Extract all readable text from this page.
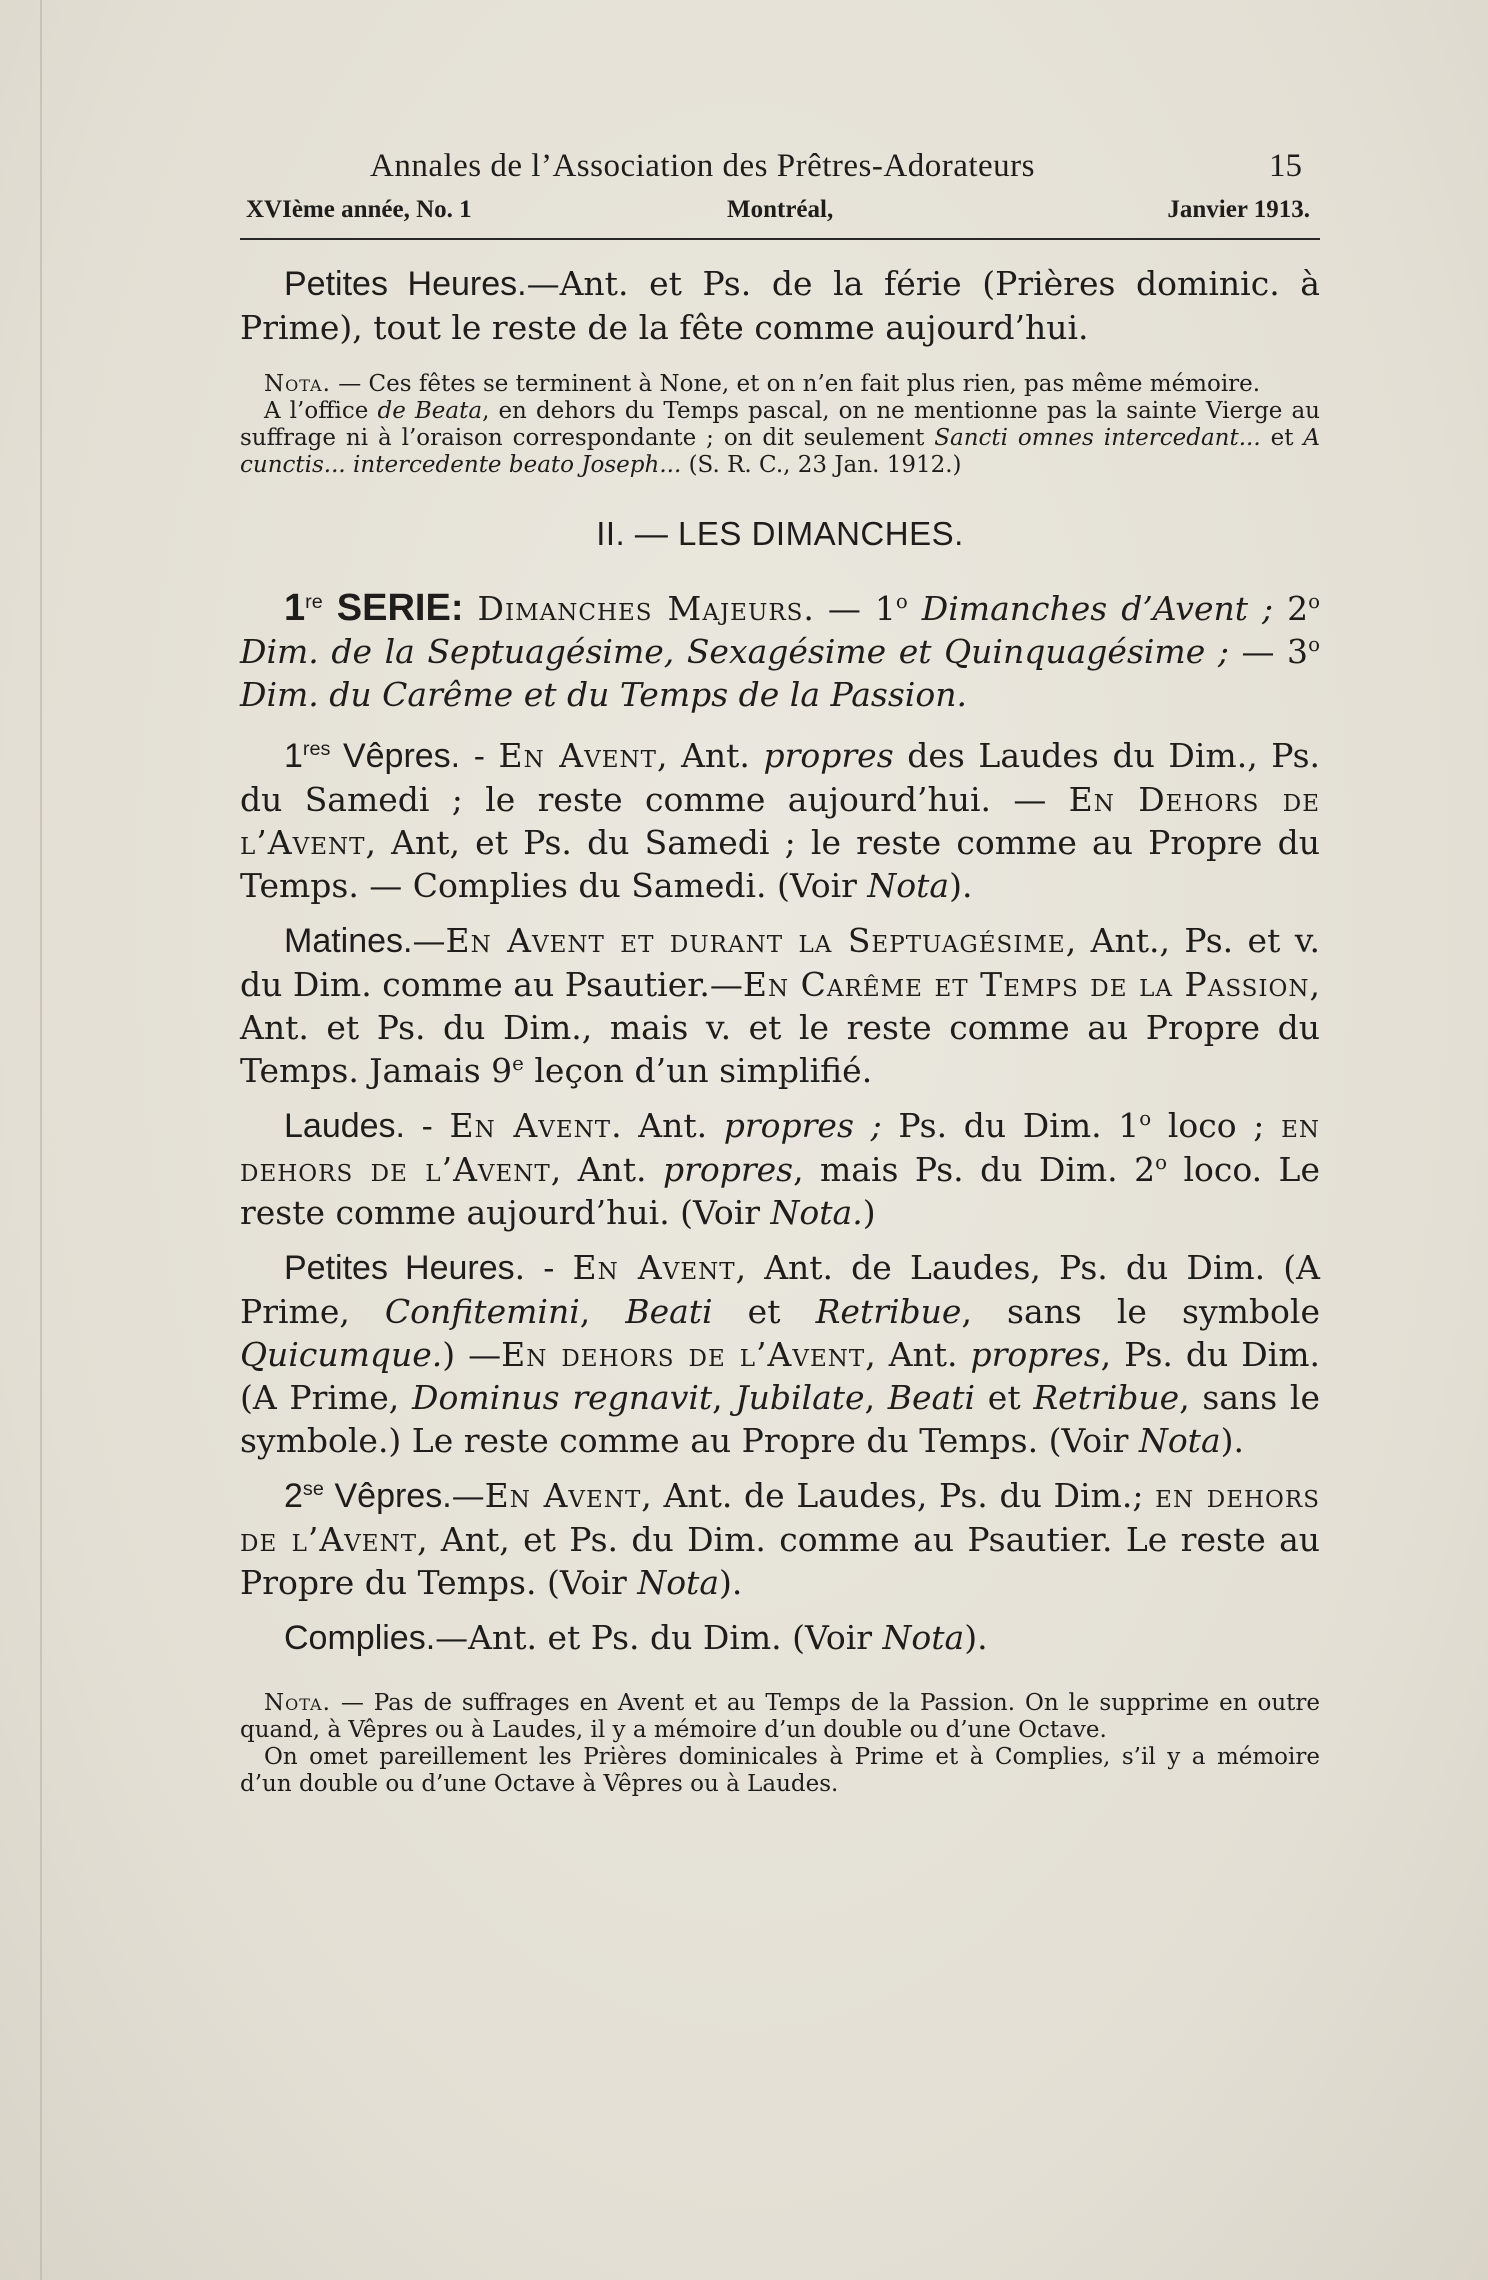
Annales de l’Association des Prêtres-Adorateurs	15
XVIème année, No. 1	Montréal,	Janvier 1913.

Petites Heures.—Ant. et Ps. de la férie (Prières dominic. à Prime), tout le reste de la fête comme aujourd’hui.

Nota. — Ces fêtes se terminent à None, et on n’en fait plus rien, pas même mémoire.

A l’office de Beata, en dehors du Temps pascal, on ne mentionne pas la sainte Vierge au suffrage ni à l’oraison correspondante ; on dit seulement Sancti omnes intercedant... et A cunctis... intercedente beato Joseph... (S. R. C., 23 Jan. 1912.)

II. — LES DIMANCHES.

1re SERIE: Dimanches Majeurs. — 1$^o$ Dimanches d’Avent ; 2$^o$ Dim. de la Septuagésime, Sexagésime et Quinquagésime ; — 3$^o$ Dim. du Carême et du Temps de la Passion.

1res Vêpres. - En Avent, Ant. propres des Laudes du Dim., Ps. du Samedi ; le reste comme aujourd’hui. — En Dehors de l’Avent, Ant, et Ps. du Samedi ; le reste comme au Propre du Temps. — Complies du Samedi. (Voir Nota).

Matines.—En Avent et durant la Septuagésime, Ant., Ps. et v. du Dim. comme au Psautier.—En Carême et Temps de la Passion, Ant. et Ps. du Dim., mais v. et le reste comme au Propre du Temps. Jamais 9e leçon d’un simplifié.

Laudes. - En Avent. Ant. propres ; Ps. du Dim. 1$^o$ loco ; en dehors de l’Avent, Ant. propres, mais Ps. du Dim. 2$^o$ loco. Le reste comme aujourd’hui. (Voir Nota.)

Petites Heures. - En Avent, Ant. de Laudes, Ps. du Dim. (A Prime, Confitemini, Beati et Retribue, sans le symbole Quicumque.) —En dehors de l’Avent, Ant. propres, Ps. du Dim. (A Prime, Dominus regnavit, Jubilate, Beati et Retribue, sans le symbole.) Le reste comme au Propre du Temps. (Voir Nota).

$2^{se}$ Vêpres.—En Avent, Ant. de Laudes, Ps. du Dim.; en dehors de l’Avent, Ant, et Ps. du Dim. comme au Psautier. Le reste au Propre du Temps. (Voir Nota).

Complies.—Ant. et Ps. du Dim. (Voir Nota).

Nota. — Pas de suffrages en Avent et au Temps de la Passion. On le supprime en outre quand, à Vêpres ou à Laudes, il y a mémoire d’un double ou d’une Octave.

On omet pareillement les Prières dominicales à Prime et à Complies, s’il y a mémoire d’un double ou d’une Octave à Vêpres ou à Laudes.
